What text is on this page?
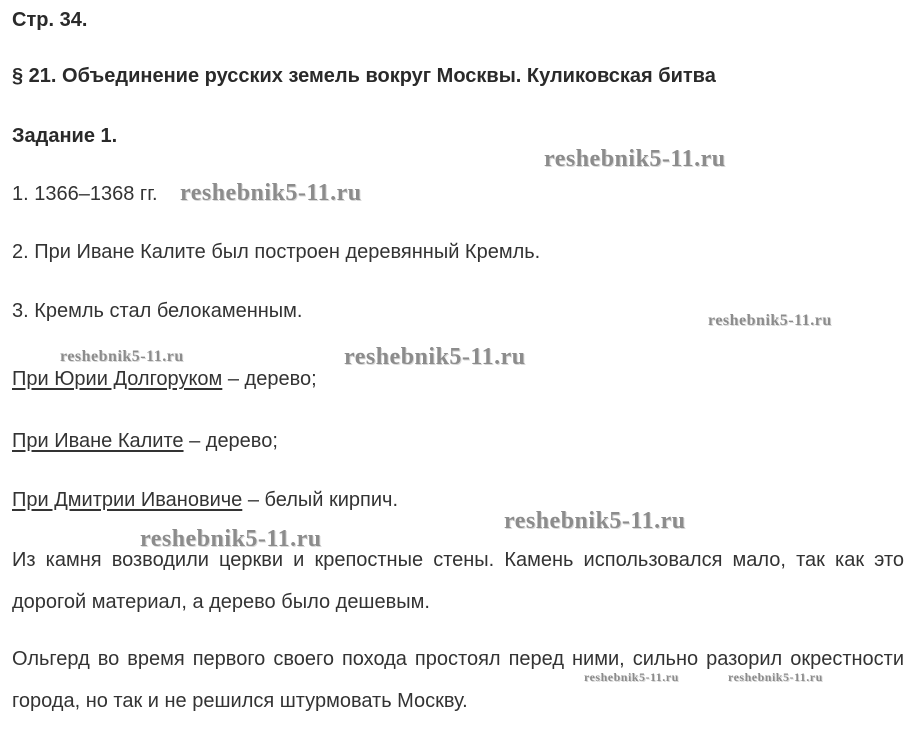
Стр. 34.
§ 21. Объединение русских земель вокруг Москвы. Куликовская битва
Задание 1.
1. 1366–1368 гг.
2. При Иване Калите был построен деревянный Кремль.
3. Кремль стал белокаменным.
При Юрии Долгоруком – дерево;
При Иване Калите – дерево;
При Дмитрии Ивановиче – белый кирпич.
Из камня возводили церкви и крепостные стены. Камень использовался мало, так как это дорогой материал, а дерево было дешевым.
Ольгерд во время первого своего похода простоял перед ними, сильно разорил окрестности города, но так и не решился штурмовать Москву.
reshebnik5-11.ru
reshebnik5-11.ru
reshebnik5-11.ru
reshebnik5-11.ru	reshebnik5-11.ru
reshebnik5-11.ru
reshebnik5-11.ru
reshebnik5-11.ru	reshebnik5-11.ru
